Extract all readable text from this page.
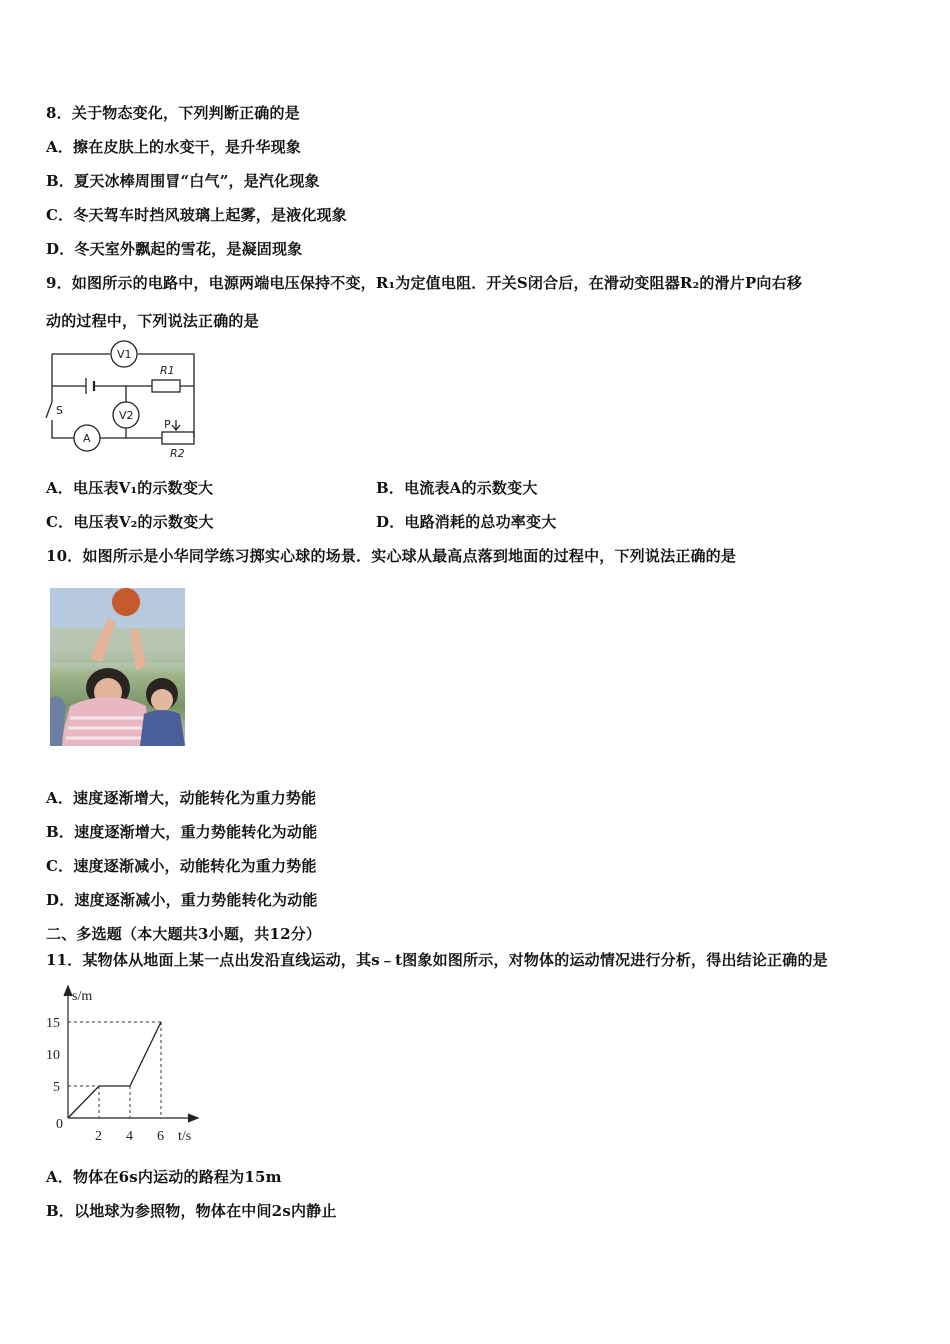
8．关于物态变化，下列判断正确的是
A．擦在皮肤上的水变干，是升华现象
B．夏天冰棒周围冒“白气”，是汽化现象
C．冬天驾车时挡风玻璃上起雾，是液化现象
D．冬天室外飘起的雪花，是凝固现象
9．如图所示的电路中，电源两端电压保持不变，R₁为定值电阻．开关S闭合后，在滑动变阻器R₂的滑片P向右移
动的过程中，下列说法正确的是
V1
V2
A
R1
R2
S
P
A．电压表V₁的示数变大	B．电流表A的示数变大
C．电压表V₂的示数变大	D．电路消耗的总功率变大
10．如图所示是小华同学练习掷实心球的场景．实心球从最高点落到地面的过程中，下列说法正确的是
A．速度逐渐增大，动能转化为重力势能
B．速度逐渐增大，重力势能转化为动能
C．速度逐渐减小，动能转化为重力势能
D．速度逐渐减小，重力势能转化为动能
二、多选题（本大题共3小题，共12分）
11．某物体从地面上某一点出发沿直线运动，其s﹣t图象如图所示，对物体的运动情况进行分析，得出结论正确的是
2 4 6
5
10
15
s/m
t/s
0
A．物体在6s内运动的路程为15m
B．以地球为参照物，物体在中间2s内静止
